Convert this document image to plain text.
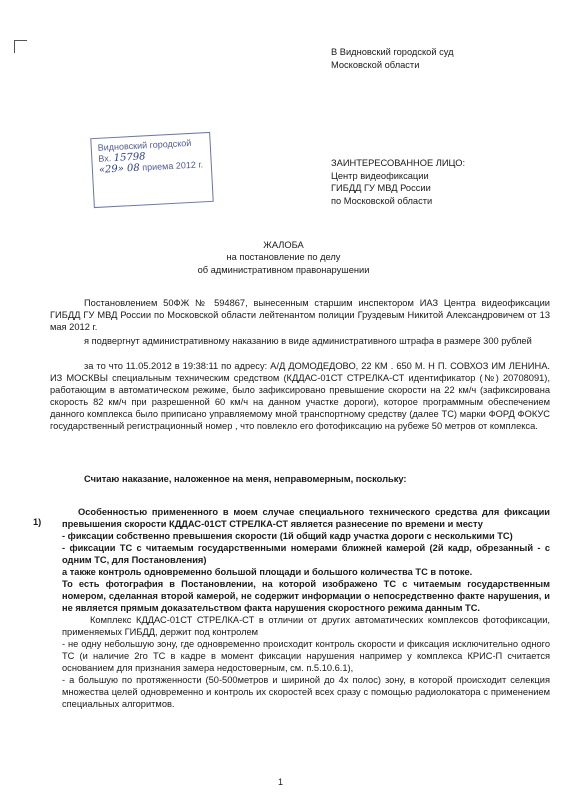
В Видновский городской суд
Московской области
Видновский городской
Вх. 15798
«29» 08 приема 2012 г.	ЗАИНТЕРЕСОВАННОЕ ЛИЦО:
Центр видеофиксации
ГИБДД ГУ МВД России
по Московской области
ЖАЛОБА
на постановление по делу
об административном правонарушении
Постановлением 50ФЖ № 594867, вынесенным старшим инспектором ИАЗ Центра видеофиксации ГИБДД ГУ МВД России по Московской области лейтенантом полиции Груздевым Никитой Александровичем от 13 мая 2012 г.
я подвергнут административному наказанию в виде административного штрафа в размере 300 рублей
за то что 11.05.2012 в 19:38:11 по адресу: А/Д ДОМОДЕДОВО, 22 КМ . 650 М. Н П. СОВХОЗ ИМ ЛЕНИНА. ИЗ МОСКВЫ специальным техническим средством (КДДАС-01СТ СТРЕЛКА-СТ идентификатор (№) 20708091), работающим в автоматическом режиме, было зафиксировано превышение скорости на 22 км/ч (зафиксирована скорость 82 км/ч при разрешенной 60 км/ч на данном участке дороги), которое программным обеспечением данного комплекса было приписано управляемому мной транспортному средству (далее ТС) марки ФОРД ФОКУС государственный регистрационный номер , что повлекло его фотофиксацию на рубеже 50 метров от комплекса.
Считаю наказание, наложенное на меня, неправомерным, поскольку:
1)

Особенностью примененного в моем случае специального технического средства для фиксации превышения скорости КДДАС-01СТ СТРЕЛКА-СТ является разнесение по времени и месту

- фиксации собственно превышения скорости (1й общий кадр участка дороги с несколькими ТС)

- фиксации ТС с читаемым государственными номерами ближней камерой (2й кадр, обрезанный - с одним ТС, для Постановления)

а также контроль одновременно большой площади и большого количества ТС в потоке.

То есть фотография в Постановлении, на которой изображено ТС с читаемым государственным номером, сделанная второй камерой, не содержит информации о непосредственно факте нарушения, и не является прямым доказательством факта нарушения скоростного режима данным ТС.

Комплекс КДДАС-01СТ СТРЕЛКА-СТ в отличии от других автоматических комплексов фотофиксации, применяемых ГИБДД, держит под контролем

- не одну небольшую зону, где одновременно происходит контроль скорости и фиксация исключительно одного ТС (и наличие 2го ТС в кадре в момент фиксации нарушения например у комплекса КРИС-П считается основанием для признания замера недостоверным, см. п.5.10.6.1),

- а большую по протяженности (50-500метров и шириной до 4х полос) зону, в которой происходит селекция множества целей одновременно и контроль их скоростей всех сразу с помощью радиолокатора с применением специальных алгоритмов.

1
